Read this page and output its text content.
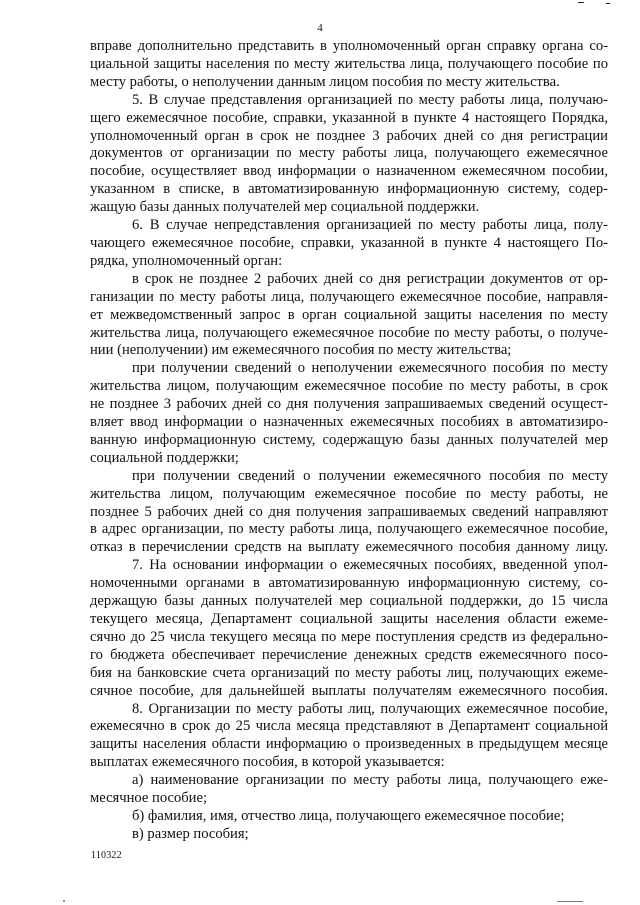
4
вправе дополнительно представить в уполномоченный орган справку органа со-
циальной защиты населения по месту жительства лица, получающего пособие по
месту работы, о неполучении данным лицом пособия по месту жительства.
5. В случае представления организацией по месту работы лица, получаю-
щего ежемесячное пособие, справки, указанной в пункте 4 настоящего Порядка,
уполномоченный орган в срок не позднее 3 рабочих дней со дня регистрации
документов от организации по месту работы лица, получающего ежемесячное
пособие, осуществляет ввод информации о назначенном ежемесячном пособии,
указанном в списке, в автоматизированную информационную систему, содер-
жащую базы данных получателей мер социальной поддержки.
6. В случае непредставления организацией по месту работы лица, полу-
чающего ежемесячное пособие, справки, указанной в пункте 4 настоящего По-
рядка, уполномоченный орган:
в срок не позднее 2 рабочих дней со дня регистрации документов от ор-
ганизации по месту работы лица, получающего ежемесячное пособие, направля-
ет межведомственный запрос в орган социальной защиты населения по месту
жительства лица, получающего ежемесячное пособие по месту работы, о получе-
нии (неполучении) им ежемесячного пособия по месту жительства;
при получении сведений о неполучении ежемесячного пособия по месту
жительства лицом, получающим ежемесячное пособие по месту работы, в срок
не позднее 3 рабочих дней со дня получения запрашиваемых сведений осущест-
вляет ввод информации о назначенных ежемесячных пособиях в автоматизиро-
ванную информационную систему, содержащую базы данных получателей мер
социальной поддержки;
при получении сведений о получении ежемесячного пособия по месту
жительства лицом, получающим ежемесячное пособие по месту работы, не
позднее 5 рабочих дней со дня получения запрашиваемых сведений направляют
в адрес организации, по месту работы лица, получающего ежемесячное пособие,
отказ в перечислении средств на выплату ежемесячного пособия данному лицу.
7. На основании информации о ежемесячных пособиях, введенной упол-
номоченными органами в автоматизированную информационную систему, со-
держащую базы данных получателей мер социальной поддержки, до 15 числа
текущего месяца, Департамент социальной защиты населения области ежеме-
сячно до 25 числа текущего месяца по мере поступления средств из федерально-
го бюджета обеспечивает перечисление денежных средств ежемесячного посо-
бия на банковские счета организаций по месту работы лиц, получающих ежеме-
сячное пособие, для дальнейшей выплаты получателям ежемесячного пособия.
8. Организации по месту работы лиц, получающих ежемесячное пособие,
ежемесячно в срок до 25 числа месяца представляют в Департамент социальной
защиты населения области информацию о произведенных в предыдущем месяце
выплатах ежемесячного пособия, в которой указывается:
а) наименование организации по месту работы лица, получающего еже-
месячное пособие;
б) фамилия, имя, отчество лица, получающего ежемесячное пособие;
в) размер пособия;
110322
